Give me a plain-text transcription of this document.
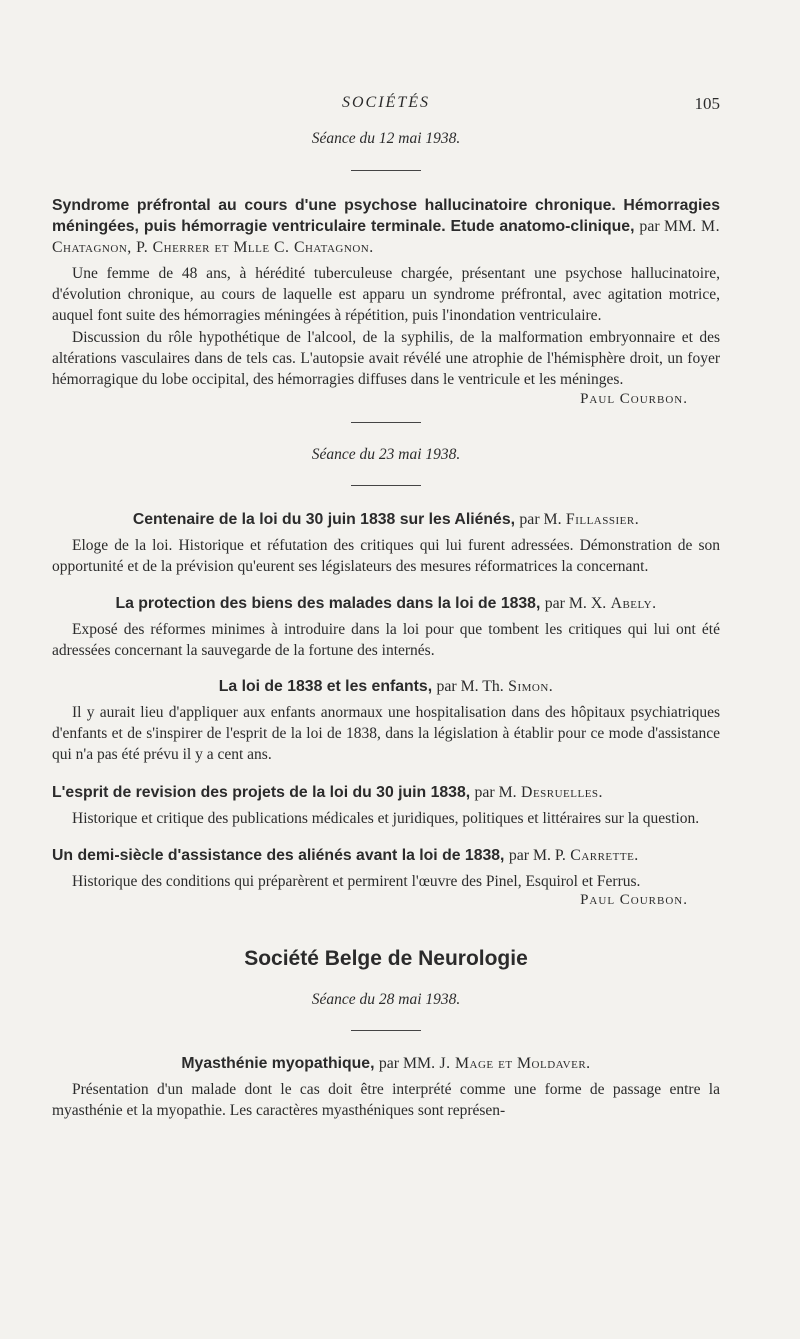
SOCIÉTÉS	105

Séance du 12 mai 1938.

Syndrome préfrontal au cours d'une psychose hallucinatoire chronique. Hémorragies méningées, puis hémorragie ventriculaire terminale. Etude anatomo-clinique, par MM. M. Chatagnon, P. Cherrer et Mlle C. Chatagnon.

Une femme de 48 ans, à hérédité tuberculeuse chargée, présentant une psychose hallucinatoire, d'évolution chronique, au cours de laquelle est apparu un syndrome préfrontal, avec agitation motrice, auquel font suite des hémorragies méningées à répétition, puis l'inondation ventriculaire.

Discussion du rôle hypothétique de l'alcool, de la syphilis, de la malformation embryonnaire et des altérations vasculaires dans de tels cas. L'autopsie avait révélé une atrophie de l'hémisphère droit, un foyer hémorragique du lobe occipital, des hémorragies diffuses dans le ventricule et les méninges.

Paul Courbon.

Séance du 23 mai 1938.

Centenaire de la loi du 30 juin 1838 sur les Aliénés, par M. Fillassier.

Eloge de la loi. Historique et réfutation des critiques qui lui furent adressées. Démonstration de son opportunité et de la prévision qu'eurent ses législateurs des mesures réformatrices la concernant.

La protection des biens des malades dans la loi de 1838, par M. X. Abely.

Exposé des réformes minimes à introduire dans la loi pour que tombent les critiques qui lui ont été adressées concernant la sauvegarde de la fortune des internés.

La loi de 1838 et les enfants, par M. Th. Simon.

Il y aurait lieu d'appliquer aux enfants anormaux une hospitalisation dans des hôpitaux psychiatriques d'enfants et de s'inspirer de l'esprit de la loi de 1838, dans la législation à établir pour ce mode d'assistance qui n'a pas été prévu il y a cent ans.

L'esprit de revision des projets de la loi du 30 juin 1838, par M. Desruelles.

Historique et critique des publications médicales et juridiques, politiques et littéraires sur la question.

Un demi-siècle d'assistance des aliénés avant la loi de 1838, par M. P. Carrette.

Historique des conditions qui préparèrent et permirent l'œuvre des Pinel, Esquirol et Ferrus.

Paul Courbon.

Société Belge de Neurologie

Séance du 28 mai 1938.

Myasthénie myopathique, par MM. J. Mage et Moldaver.

Présentation d'un malade dont le cas doit être interprété comme une forme de passage entre la myasthénie et la myopathie. Les caractères myasthéniques sont représen-
